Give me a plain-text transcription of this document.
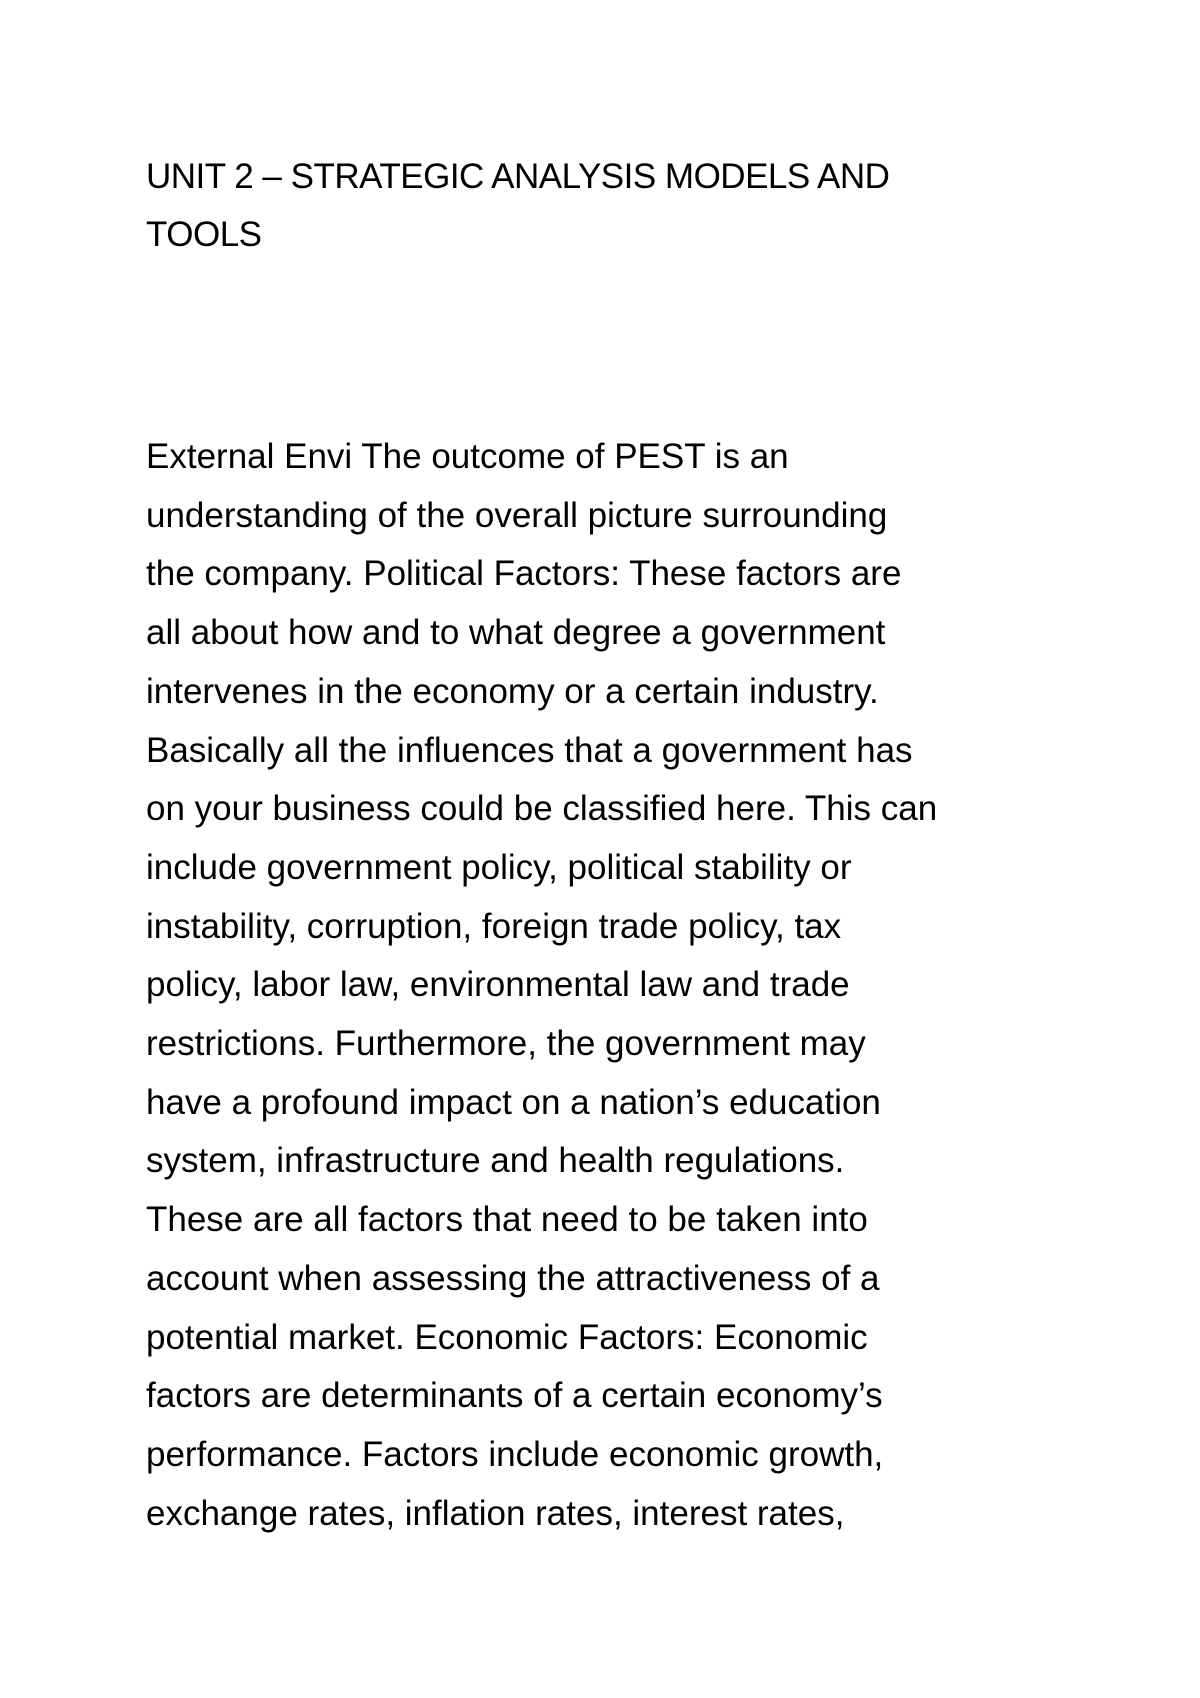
UNIT 2 – STRATEGIC ANALYSIS MODELS AND
TOOLS
External Envi The outcome of PEST is an
understanding of the overall picture surrounding
the company. Political Factors: These factors are
all about how and to what degree a government
intervenes in the economy or a certain industry.
Basically all the influences that a government has
on your business could be classified here. This can
include government policy, political stability or
instability, corruption, foreign trade policy, tax
policy, labor law, environmental law and trade
restrictions. Furthermore, the government may
have a profound impact on a nation’s education
system, infrastructure and health regulations.
These are all factors that need to be taken into
account when assessing the attractiveness of a
potential market. Economic Factors: Economic
factors are determinants of a certain economy’s
performance. Factors include economic growth,
exchange rates, inflation rates, interest rates,
